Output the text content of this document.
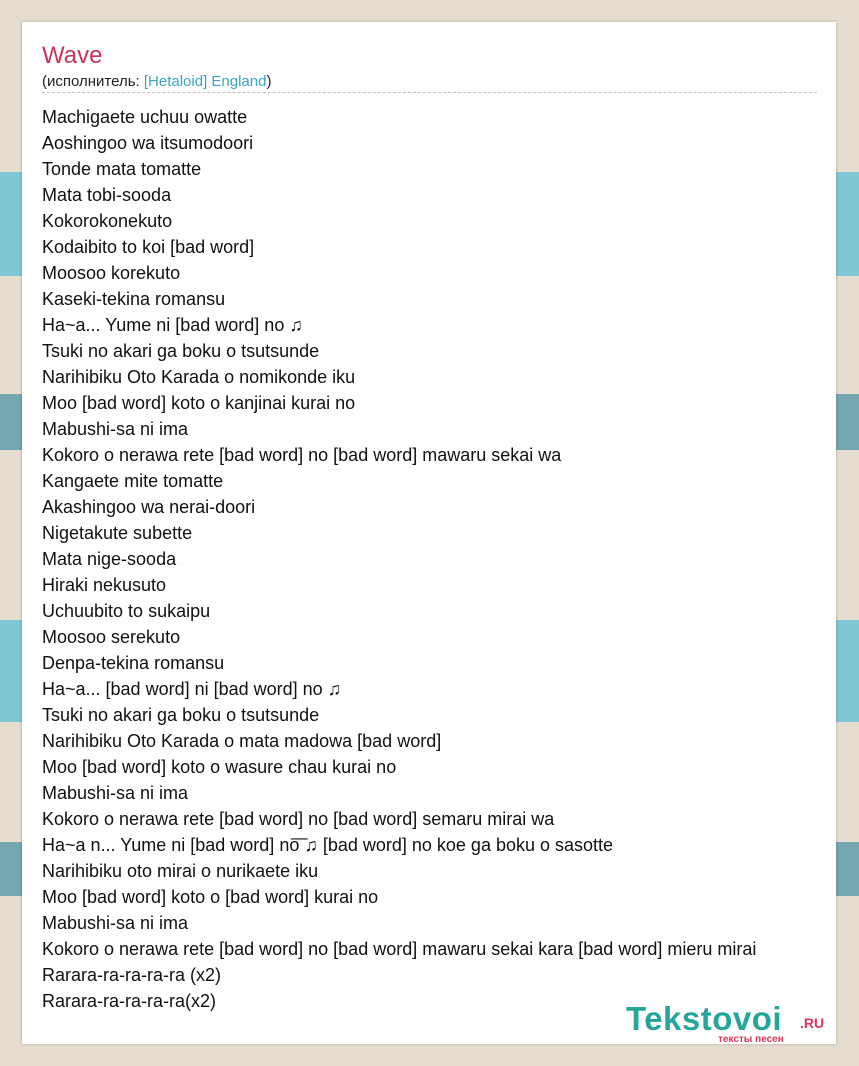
Wave
(исполнитель: [Hetaloid] England)
Machigaete uchuu owatte
Aoshingoo wa itsumodoori
Tonde mata tomatte
Mata tobi-sooda
Kokorokonekuto
Kodaibito to koi [bad word]
Moosoo korekuto
Kaseki-tekina romansu
Ha~a... Yume ni [bad word] no ♫
Tsuki no akari ga boku o tsutsunde
Narihibiku Oto Karada o nomikonde iku
Moo [bad word] koto o kanjinai kurai no
Mabushi-sa ni ima
Kokoro o nerawa rete [bad word] no [bad word] mawaru sekai wa
Kangaete mite tomatte
Akashingoo wa nerai-doori
Nigetakute subette
Mata nige-sooda
Hiraki nekusuto
Uchuubito to sukaipu
Moosoo serekuto
Denpa-tekina romansu
Ha~a... [bad word] ni [bad word] no ♫
Tsuki no akari ga boku o tsutsunde
Narihibiku Oto Karada o mata madowa [bad word]
Moo [bad word] koto o wasure chau kurai no
Mabushi-sa ni ima
Kokoro o nerawa rete [bad word] no [bad word] semaru mirai wa
Ha~a n... Yume ni [bad word] no͞ ♫ [bad word] no koe ga boku o sasotte
Narihibiku oto mirai o nurikaete iku
Moo [bad word] koto o [bad word] kurai no
Mabushi-sa ni ima
Kokoro o nerawa rete [bad word] no [bad word] mawaru sekai kara [bad word] mieru mirai
Rarara-ra-ra-ra-ra (x2)
Rarara-ra-ra-ra-ra(x2)	Tekstovoi .RU
тексты песен
